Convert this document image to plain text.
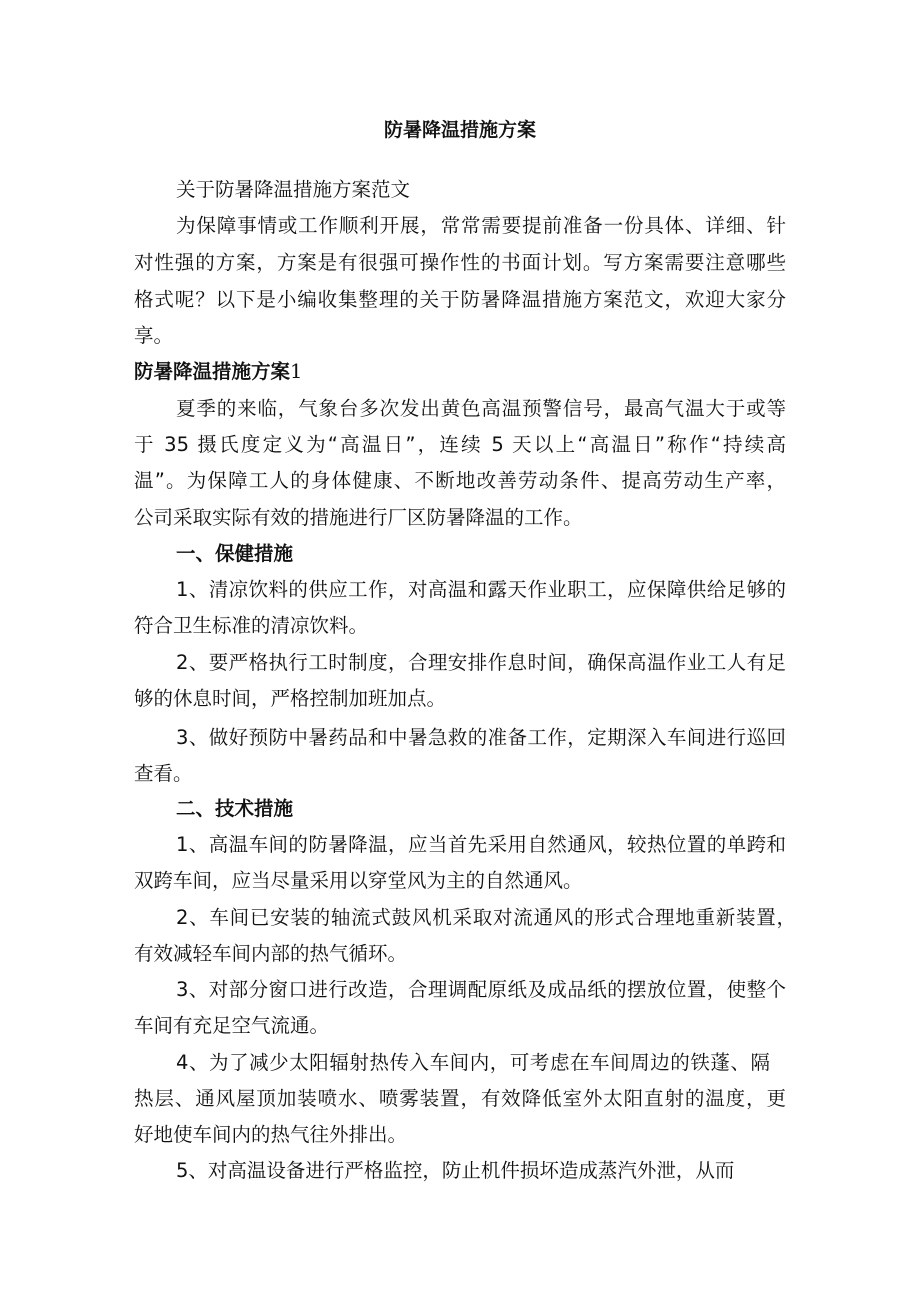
防暑降温措施方案
关于防暑降温措施方案范文
为保障事情或工作顺利开展，常常需要提前准备一份具体、详细、针
对性强的方案，方案是有很强可操作性的书面计划。写方案需要注意哪些
格式呢？以下是小编收集整理的关于防暑降温措施方案范文，欢迎大家分
享。
防暑降温措施方案1
夏季的来临，气象台多次发出黄色高温预警信号，最高气温大于或等
于 35 摄氏度定义为“高温日”，连续 5 天以上“高温日”称作“持续高
温”。为保障工人的身体健康、不断地改善劳动条件、提高劳动生产率，
公司采取实际有效的措施进行厂区防暑降温的工作。
一、保健措施
1、清凉饮料的供应工作，对高温和露天作业职工，应保障供给足够的
符合卫生标准的清凉饮料。
2、要严格执行工时制度，合理安排作息时间，确保高温作业工人有足
够的休息时间，严格控制加班加点。
3、做好预防中暑药品和中暑急救的准备工作，定期深入车间进行巡回
查看。
二、技术措施
1、高温车间的防暑降温，应当首先采用自然通风，较热位置的单跨和
双跨车间，应当尽量采用以穿堂风为主的自然通风。
2、车间已安装的轴流式鼓风机采取对流通风的形式合理地重新装置，
有效减轻车间内部的热气循环。
3、对部分窗口进行改造，合理调配原纸及成品纸的摆放位置，使整个
车间有充足空气流通。
4、为了减少太阳辐射热传入车间内，可考虑在车间周边的铁蓬、隔
热层、通风屋顶加装喷水、喷雾装置，有效降低室外太阳直射的温度，更
好地使车间内的热气往外排出。
5、对高温设备进行严格监控，防止机件损坏造成蒸汽外泄，从而
